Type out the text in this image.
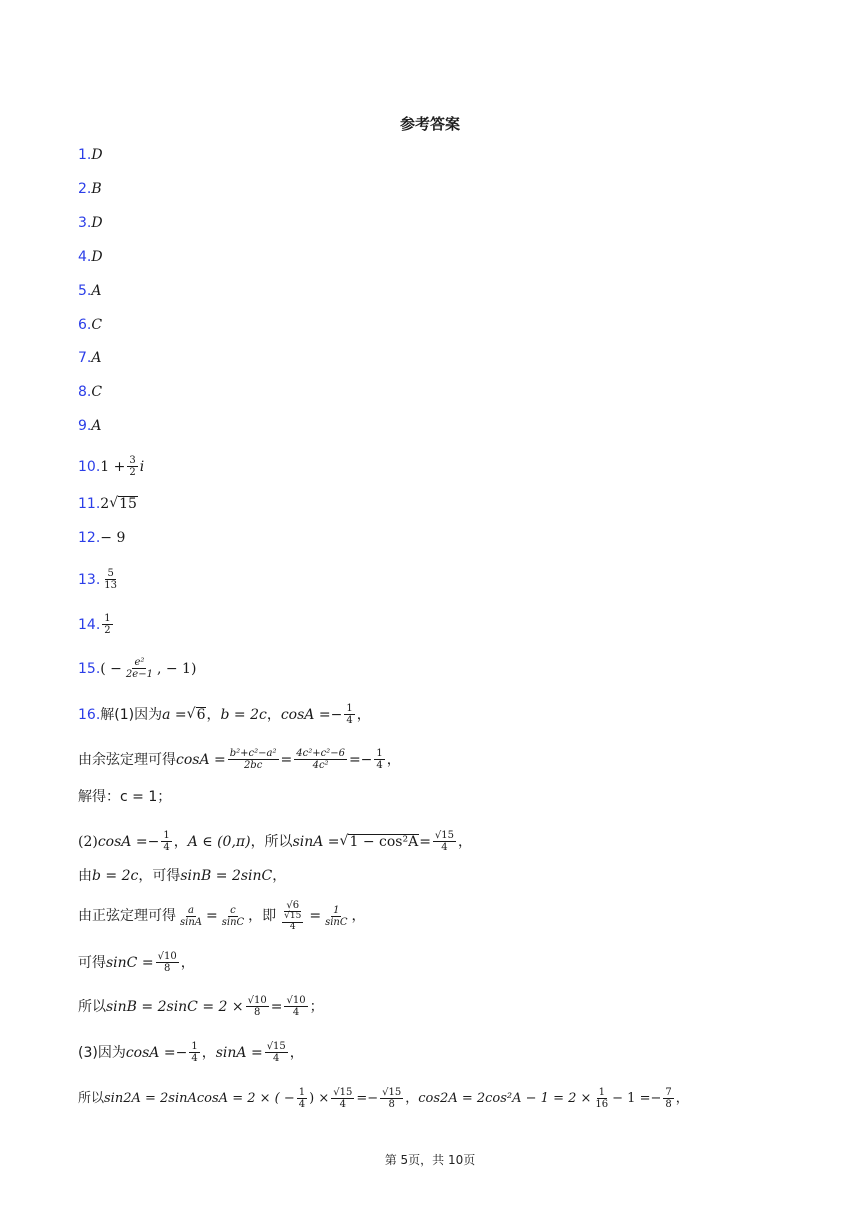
参考答案
1. D
2. B
3. D
4. D
5. A
6. C
7. A
8. C
9. A
10. $1 + \frac{3}{2}$ i
11. 2 √ 15
12. − 9
13. $\frac{5}{13}$
14. $\frac{1}{2}$
15. ( − $\frac{\text{e²}}{2e-1}$ , − 1)
16. 解(1)因为 a = √ 6 ， b = 2c ， $\cos A =- \frac{1}{4}$ ，
由余弦定理可得 $\cos A = \frac{\text{b²+c²−a²}}{2bc} = \frac{\text{4c²+c²−6}}{\text{4c²}} =- \frac{1}{4}$ ，
解得：c = 1；
(2) $\cos A =- \frac{1}{4}$ ， A ∈ (0,π) ，所以 sinA = √ $1 - \cos^2A = \frac{√15}{4}$ ，
由 b = 2c ，可得 sinB = 2sinC ，
由正弦定理可得 $\frac{a}{\sin A} = \frac{c}{\sin C}$ ，即 $\frac{√6}{\frac{√15}{4}} = \frac{1}{\sin C}$ ，
可得 $\sin C = \frac{√10}{8}$ ，
所以 $\sin B = 2\sin C = 2 \times \frac{√10}{8} = \frac{√10}{4}$ ；
(3)因为 $\cos A =- \frac{1}{4}$ ， $\sin A = \frac{√15}{4}$ ，
所以 sin2A = 2sinAcosA = 2 × ( − $\frac{1}{4}$ ) × $\frac{√15}{4} =- \frac{√15}{8}$ ， $\cos 2A = 2\cos^2A - 1 = 2 \times \frac{1}{16} - 1 =- \frac{7}{8}$ ，
第 5页，共 10页
